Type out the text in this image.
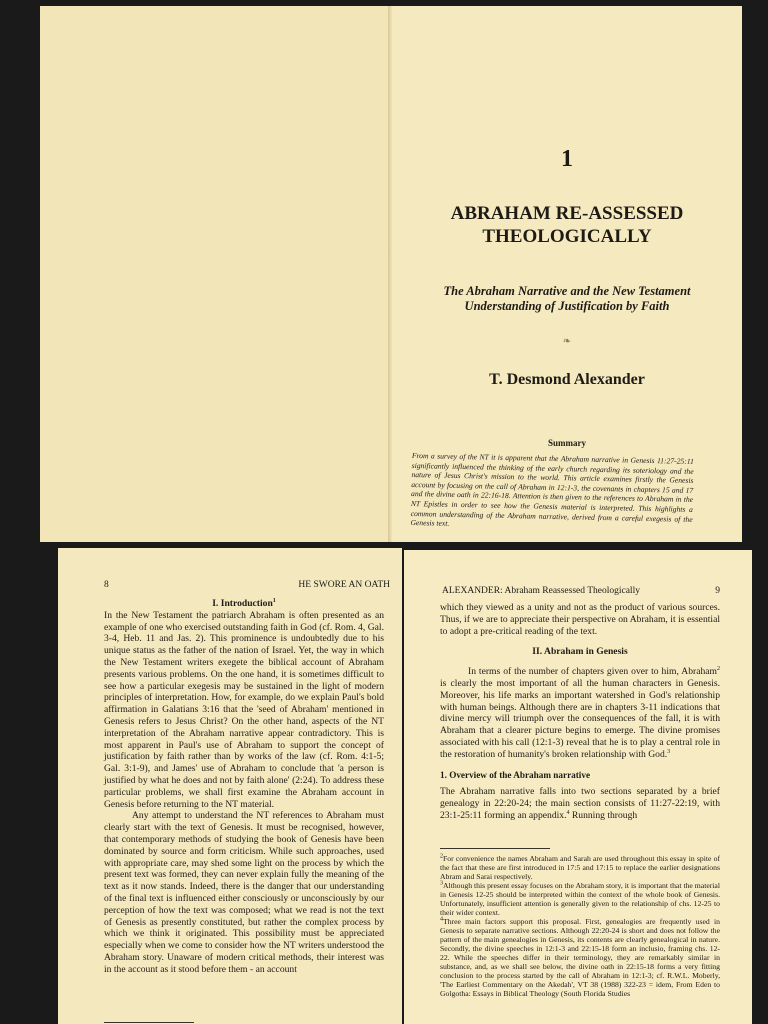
1
ABRAHAM RE-ASSESSED THEOLOGICALLY
The Abraham Narrative and the New Testament Understanding of Justification by Faith
❧
T. Desmond Alexander
Summary
From a survey of the NT it is apparent that the Abraham narrative in Genesis 11:27-25:11 significantly influenced the thinking of the early church regarding its soteriology and the nature of Jesus Christ's mission to the world. This article examines firstly the Genesis account by focusing on the call of Abraham in 12:1-3, the covenants in chapters 15 and 17 and the divine oath in 22:16-18. Attention is then given to the references to Abraham in the NT Epistles in order to see how the Genesis material is interpreted. This highlights a common understanding of the Abraham narrative, derived from a careful exegesis of the Genesis text.
8	HE SWORE AN OATH

I. Introduction$^1$

In the New Testament the patriarch Abraham is often presented as an example of one who exercised outstanding faith in God (cf. Rom. 4, Gal. 3-4, Heb. 11 and Jas. 2). This prominence is undoubtedly due to his unique status as the father of the nation of Israel. Yet, the way in which the New Testament writers exegete the biblical account of Abraham presents various problems. On the one hand, it is sometimes difficult to see how a particular exegesis may be sustained in the light of modern principles of interpretation. How, for example, do we explain Paul's bold affirmation in Galatians 3:16 that the 'seed of Abraham' mentioned in Genesis refers to Jesus Christ? On the other hand, aspects of the NT interpretation of the Abraham narrative appear contradictory. This is most apparent in Paul's use of Abraham to support the concept of justification by faith rather than by works of the law (cf. Rom. 4:1-5; Gal. 3:1-9), and James' use of Abraham to conclude that 'a person is justified by what he does and not by faith alone' (2:24). To address these particular problems, we shall first examine the Abraham account in Genesis before returning to the NT material.

Any attempt to understand the NT references to Abraham must clearly start with the text of Genesis. It must be recognised, however, that contemporary methods of studying the book of Genesis have been dominated by source and form criticism. While such approaches, used with appropriate care, may shed some light on the process by which the present text was formed, they can never explain fully the meaning of the text as it now stands. Indeed, there is the danger that our understanding of the final text is influenced either consciously or unconsciously by our perception of how the text was composed; what we read is not the text of Genesis as presently constituted, but rather the complex process by which we think it originated. This possibility must be appreciated especially when we come to consider how the NT writers understood the Abraham story. Unaware of modern critical methods, their interest was in the account as it stood before them - an account

ALEXANDER: Abraham Reassessed Theologically	9

which they viewed as a unity and not as the product of various sources. Thus, if we are to appreciate their perspective on Abraham, it is essential to adopt a pre-critical reading of the text.

II. Abraham in Genesis

In terms of the number of chapters given over to him, Abraham$^2$ is clearly the most important of all the human characters in Genesis. Moreover, his life marks an important watershed in God's relationship with human beings. Although there are in chapters 3-11 indications that divine mercy will triumph over the consequences of the fall, it is with Abraham that a clearer picture begins to emerge. The divine promises associated with his call (12:1-3) reveal that he is to play a central role in the restoration of humanity's broken relationship with God.$^3$

1. Overview of the Abraham narrative

The Abraham narrative falls into two sections separated by a brief genealogy in 22:20-24; the main section consists of 11:27-22:19, with 23:1-25:11 forming an appendix.$^4$ Running through

$^2$For convenience the names Abraham and Sarah are used throughout this essay in spite of the fact that these are first introduced in 17:5 and 17:15 to replace the earlier designations Abram and Sarai respectively.

$^3$Although this present essay focuses on the Abraham story, it is important that the material in Genesis 12-25 should be interpreted within the context of the whole book of Genesis. Unfortunately, insufficient attention is generally given to the relationship of chs. 12-25 to their wider context.

$^4$Three main factors support this proposal. First, genealogies are frequently used in Genesis to separate narrative sections. Although 22:20-24 is short and does not follow the pattern of the main genealogies in Genesis, its contents are clearly genealogical in nature. Secondly, the divine speeches in 12:1-3 and 22:15-18 form an inclusio, framing chs. 12-22. While the speeches differ in their terminology, they are remarkably similar in substance, and, as we shall see below, the divine oath in 22:15-18 forms a very fitting conclusion to the process started by the call of Abraham in 12:1-3; cf. R.W.L. Moberly, 'The Earliest Commentary on the Akedah', VT 38 (1988) 322-23 = idem, From Eden to Golgotha: Essays in Biblical Theology (South Florida Studies
